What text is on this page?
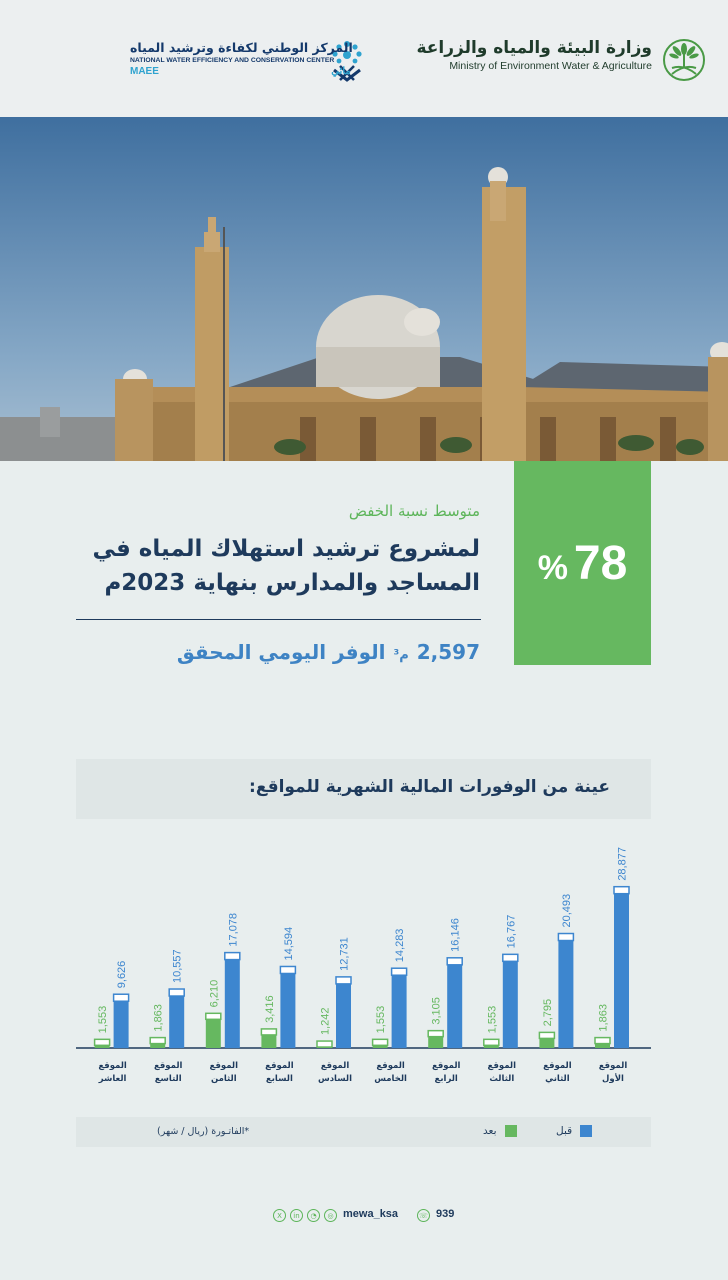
المركز الوطني لكفاءة وترشيد المياه
NATIONAL WATER EFFICIENCY AND CONSERVATION CENTER
MAEE	مائي
وزارة البيئة والمياه والزراعة
Ministry of Environment Water & Agriculture
% 78
متوسط نسبة الخفض
لمشروع ترشيد استهلاك المياه في
المساجد والمدارس بنهاية 2023م
الوفر اليومي المحقق م³ 2,597
عينة من الوفورات المالية الشهرية للمواقع:
28,877
1,863
الموقع
الأول
20,493
2,795
الموقع
الثاني
16,767
1,553
الموقع
الثالث
16,146
3,105
الموقع
الرابع
14,283
1,553
الموقع
الخامس
12,731
1,242
الموقع
السادس
14,594
3,416
الموقع
السابع
17,078
6,210
الموقع
الثامن
10,557
1,863
الموقع
التاسع
9,626
1,553
الموقع
العاشر
قبل
بعد
*الفاتـورة (ريال / شهر)
X	in	◔	◎ mewa_ksa	☏ 939
